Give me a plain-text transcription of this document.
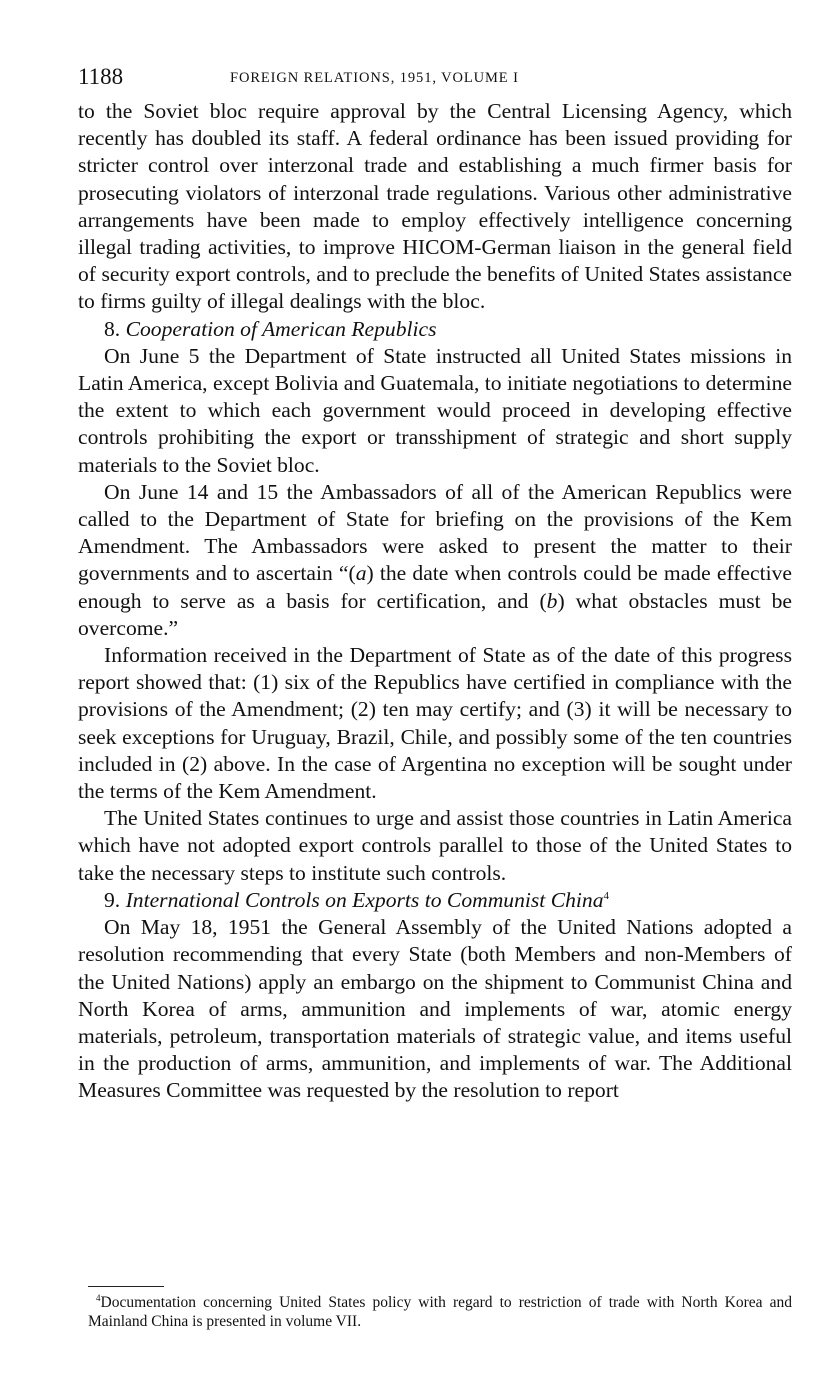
1188	FOREIGN RELATIONS, 1951, VOLUME I

to the Soviet bloc require approval by the Central Licensing Agency, which recently has doubled its staff. A federal ordinance has been issued providing for stricter control over interzonal trade and establishing a much firmer basis for prosecuting violators of interzonal trade regulations. Various other administrative arrangements have been made to employ effectively intelligence concerning illegal trading activities, to improve HICOM-German liaison in the general field of security export controls, and to preclude the benefits of United States assistance to firms guilty of illegal dealings with the bloc.

8. Cooperation of American Republics

On June 5 the Department of State instructed all United States missions in Latin America, except Bolivia and Guatemala, to initiate negotiations to determine the extent to which each government would proceed in developing effective controls prohibiting the export or transshipment of strategic and short supply materials to the Soviet bloc.

On June 14 and 15 the Ambassadors of all of the American Republics were called to the Department of State for briefing on the provisions of the Kem Amendment. The Ambassadors were asked to present the matter to their governments and to ascertain “(a) the date when controls could be made effective enough to serve as a basis for certification, and (b) what obstacles must be overcome.”

Information received in the Department of State as of the date of this progress report showed that: (1) six of the Republics have certified in compliance with the provisions of the Amendment; (2) ten may certify; and (3) it will be necessary to seek exceptions for Uruguay, Brazil, Chile, and possibly some of the ten countries included in (2) above. In the case of Argentina no exception will be sought under the terms of the Kem Amendment.

The United States continues to urge and assist those countries in Latin America which have not adopted export controls parallel to those of the United States to take the necessary steps to institute such controls.

9. International Controls on Exports to Communist China$^4$

On May 18, 1951 the General Assembly of the United Nations adopted a resolution recommending that every State (both Members and non-Members of the United Nations) apply an embargo on the shipment to Communist China and North Korea of arms, ammunition and implements of war, atomic energy materials, petroleum, transportation materials of strategic value, and items useful in the production of arms, ammunition, and implements of war. The Additional Measures Committee was requested by the resolution to report

$^4$Documentation concerning United States policy with regard to restriction of trade with North Korea and Mainland China is presented in volume VII.
